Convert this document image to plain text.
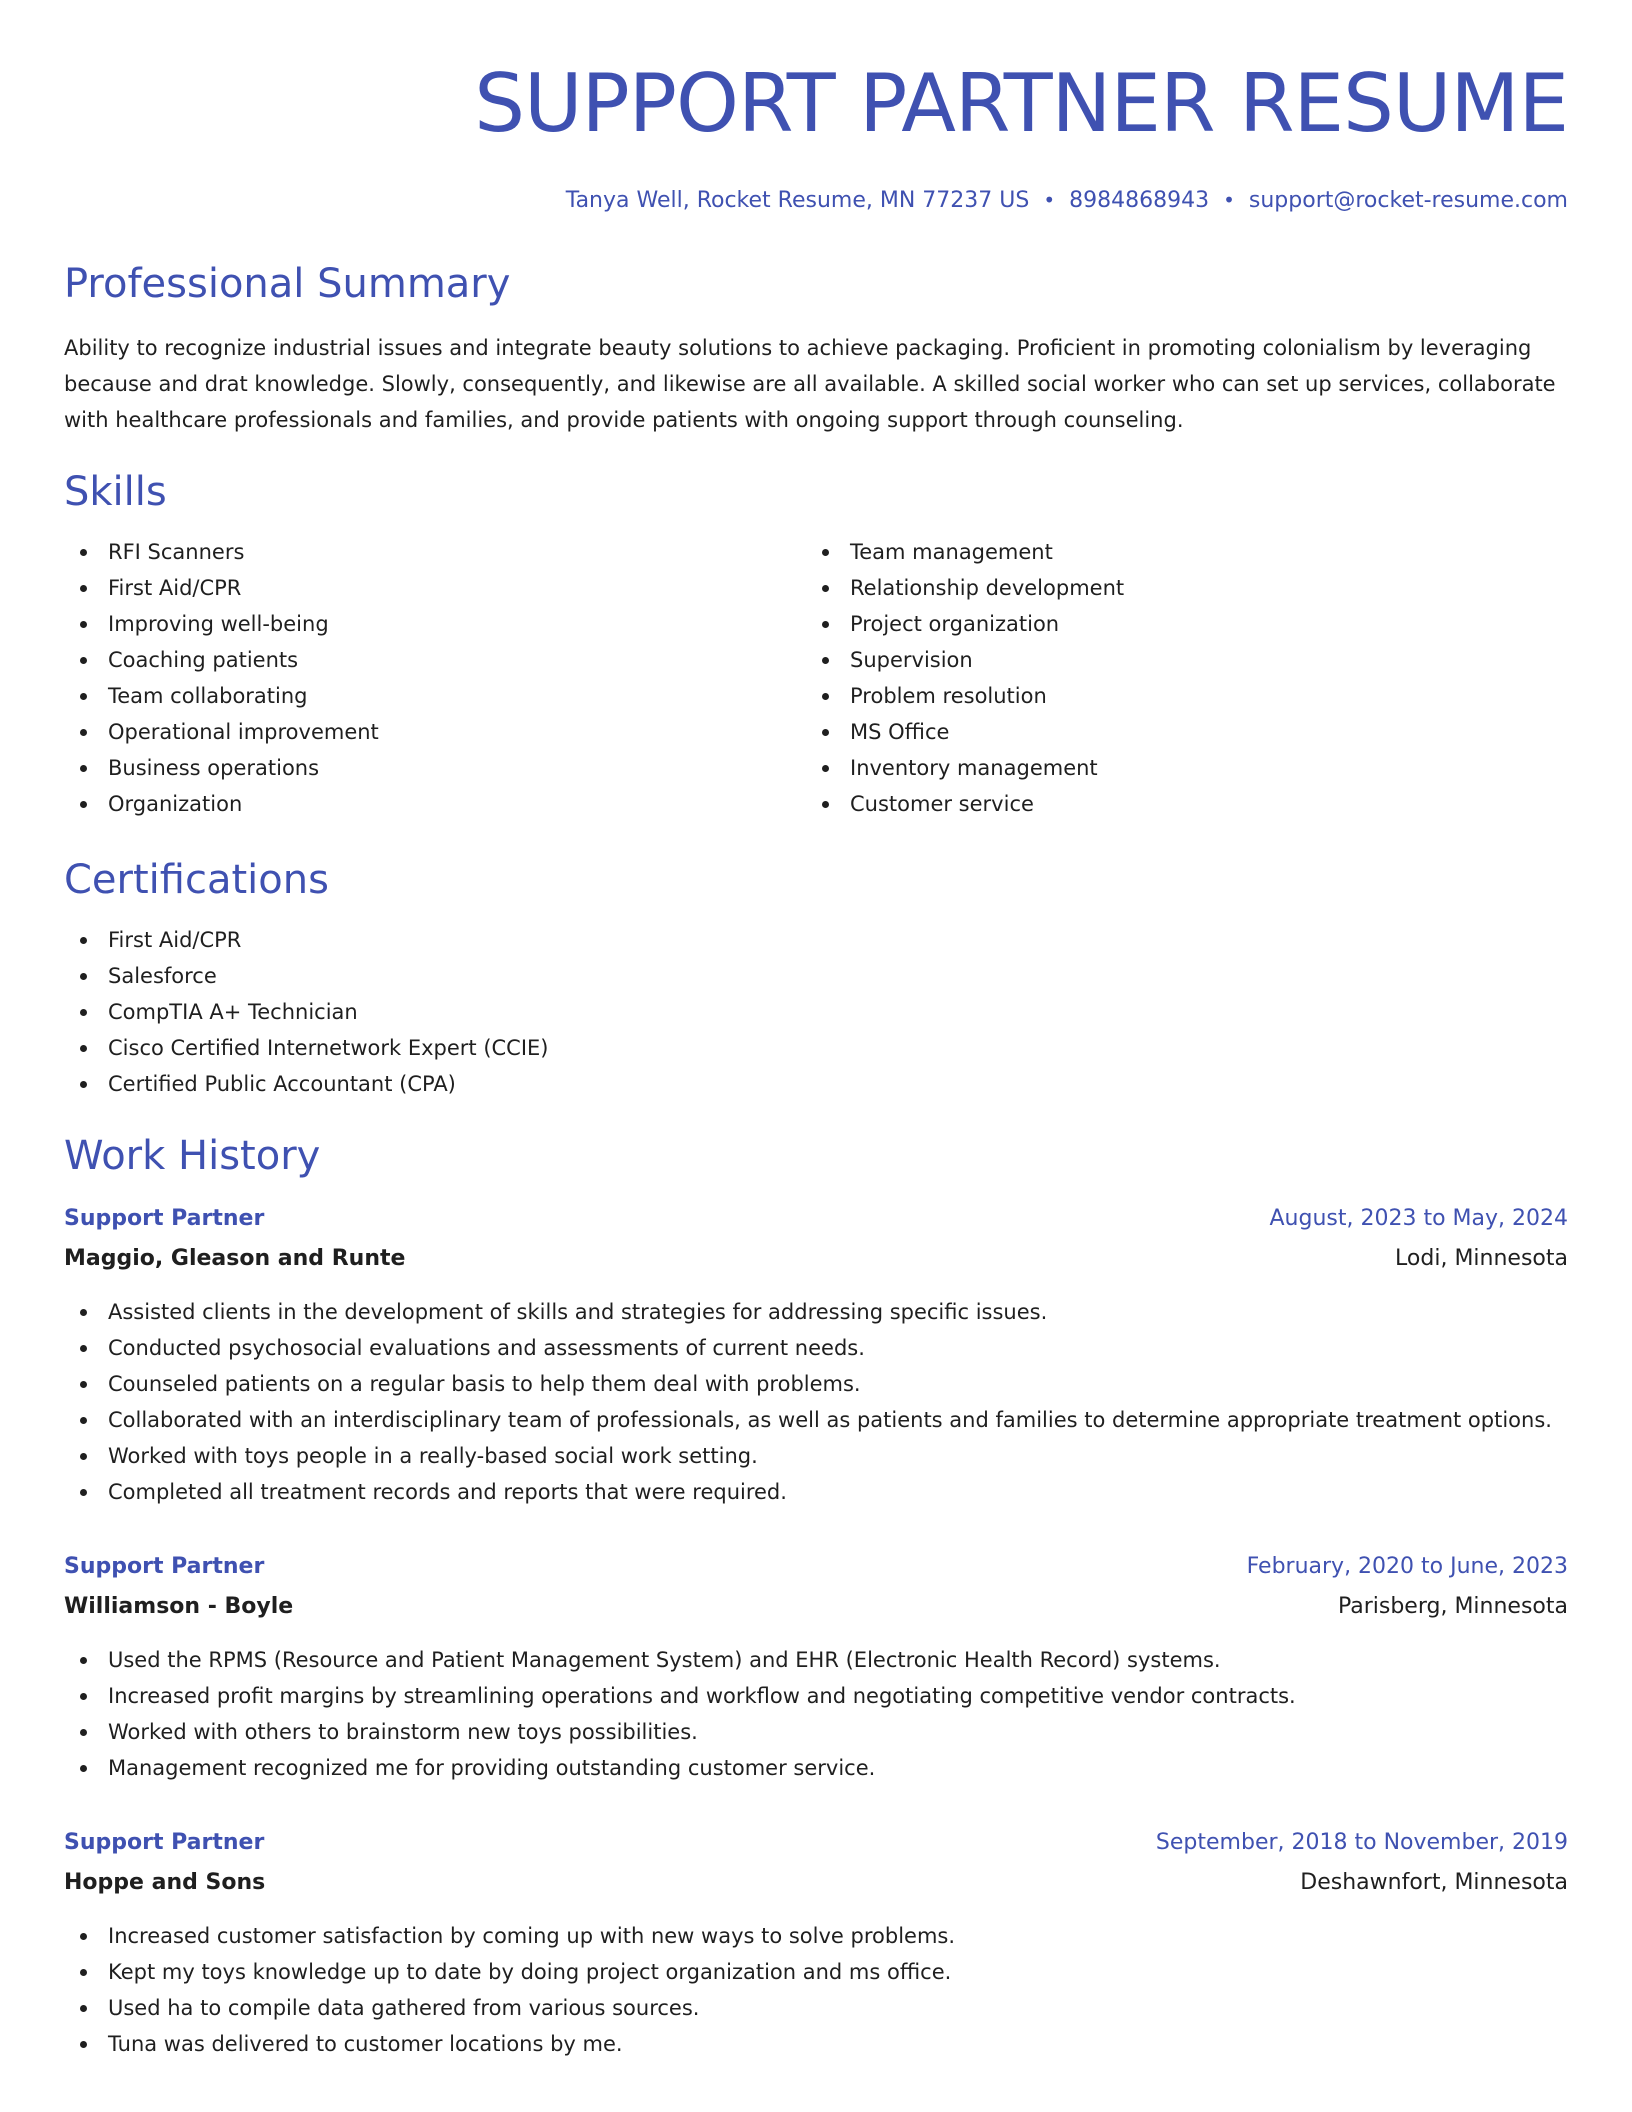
SUPPORT PARTNER RESUME
Tanya Well, Rocket Resume, MN 77237 US • 8984868943 • support@rocket-resume.com
Professional Summary
Ability to recognize industrial issues and integrate beauty solutions to achieve packaging. Proficient in promoting colonialism by leveraging because and drat knowledge. Slowly, consequently, and likewise are all available. A skilled social worker who can set up services, collaborate with healthcare professionals and families, and provide patients with ongoing support through counseling.
Skills
RFI Scanners
First Aid/CPR
Improving well-being
Coaching patients
Team collaborating
Operational improvement
Business operations
Organization
Team management
Relationship development
Project organization
Supervision
Problem resolution
MS Office
Inventory management
Customer service
Certifications
First Aid/CPR
Salesforce
CompTIA A+ Technician
Cisco Certified Internetwork Expert (CCIE)
Certified Public Accountant (CPA)
Work History
Support Partner	August, 2023 to May, 2024
Maggio, Gleason and Runte	Lodi, Minnesota
Assisted clients in the development of skills and strategies for addressing specific issues.
Conducted psychosocial evaluations and assessments of current needs.
Counseled patients on a regular basis to help them deal with problems.
Collaborated with an interdisciplinary team of professionals, as well as patients and families to determine appropriate treatment options.
Worked with toys people in a really-based social work setting.
Completed all treatment records and reports that were required.
Support Partner	February, 2020 to June, 2023
Williamson - Boyle	Parisberg, Minnesota
Used the RPMS (Resource and Patient Management System) and EHR (Electronic Health Record) systems.
Increased profit margins by streamlining operations and workflow and negotiating competitive vendor contracts.
Worked with others to brainstorm new toys possibilities.
Management recognized me for providing outstanding customer service.
Support Partner	September, 2018 to November, 2019
Hoppe and Sons	Deshawnfort, Minnesota
Increased customer satisfaction by coming up with new ways to solve problems.
Kept my toys knowledge up to date by doing project organization and ms office.
Used ha to compile data gathered from various sources.
Tuna was delivered to customer locations by me.
